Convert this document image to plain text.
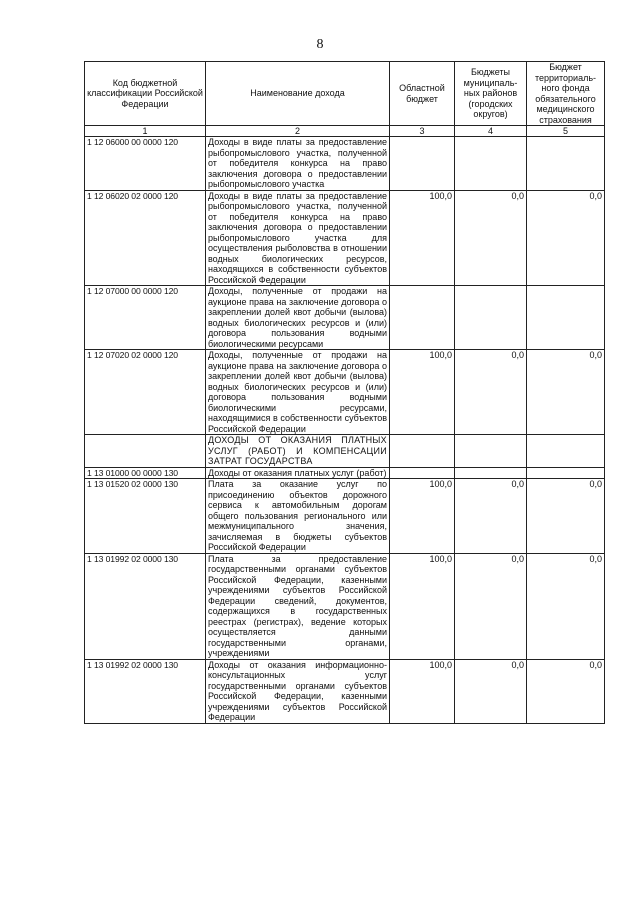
8
Код бюджетной классификации Российской Федерации	Наименование дохода	Областной бюджет	Бюджеты муниципаль-ных районов (городских округов)	Бюджет территориаль-ного фонда обязательного медицинского страхования
1	2	3	4	5
1 12 06000 00 0000 120	Доходы в виде платы за предоставление рыбопромыслового участка, полученной от победителя конкурса на право заключения договора о предоставлении рыбопромыслового участка			
1 12 06020 02 0000 120	Доходы в виде платы за предоставление рыбопромыслового участка, полученной от победителя конкурса на право заключения договора о предоставлении рыбопромыслового участка для осуществления рыболовства в отношении водных биологических ресурсов, находящихся в собственности субъектов Российской Федерации	100,0	0,0	0,0
1 12 07000 00 0000 120	Доходы, полученные от продажи на аукционе права на заключение договора о закреплении долей квот добычи (вылова) водных биологических ресурсов и (или) договора пользования водными биологическими ресурсами			
1 12 07020 02 0000 120	Доходы, полученные от продажи на аукционе права на заключение договора о закреплении долей квот добычи (вылова) водных биологических ресурсов и (или) договора пользования водными биологическими ресурсами, находящимися в собственности субъектов Российской Федерации	100,0	0,0	0,0
	ДОХОДЫ ОТ ОКАЗАНИЯ ПЛАТНЫХ УСЛУГ (РАБОТ) И КОМПЕНСАЦИИ ЗАТРАТ ГОСУДАРСТВА			
1 13 01000 00 0000 130	Доходы от оказания платных услуг (работ)			
1 13 01520 02 0000 130	Плата за оказание услуг по присоединению объектов дорожного сервиса к автомобильным дорогам общего пользования регионального или межмуниципального значения, зачисляемая в бюджеты субъектов Российской Федерации	100,0	0,0	0,0
1 13 01992 02 0000 130	Плата за предоставление государственными органами субъектов Российской Федерации, казенными учреждениями субъектов Российской Федерации сведений, документов, содержащихся в государственных реестрах (регистрах), ведение которых осуществляется данными государственными органами, учреждениями	100,0	0,0	0,0
1 13 01992 02 0000 130	Доходы от оказания информационно-консультационных услуг государственными органами субъектов Российской Федерации, казенными учреждениями субъектов Российской Федерации	100,0	0,0	0,0
